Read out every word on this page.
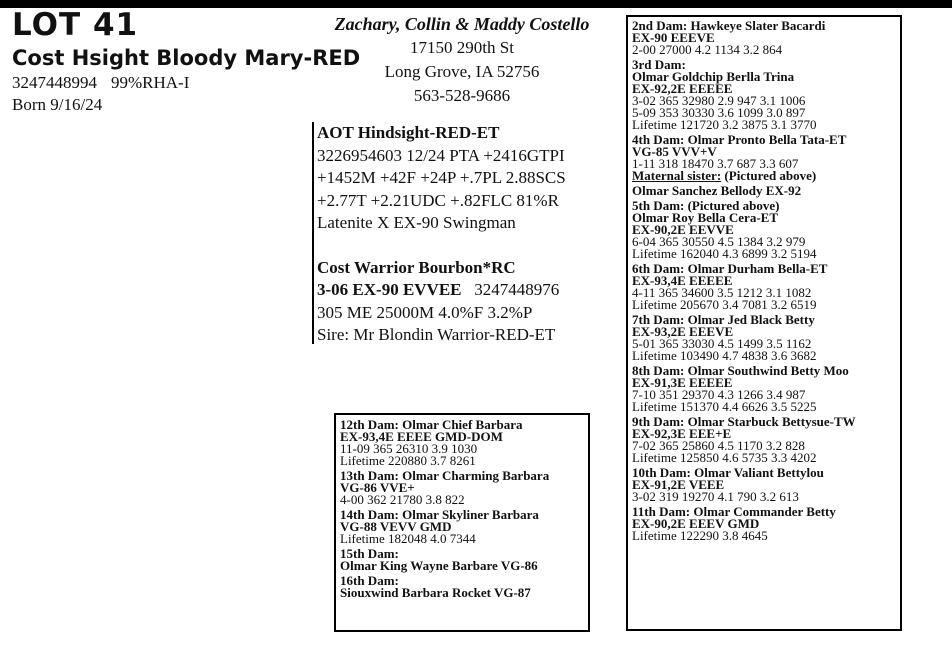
LOT 41
Cost Hsight Bloody Mary-RED
3247448994 99%RHA-I
Born 9/16/24
Zachary, Collin & Maddy Costello
17150 290th St
Long Grove, IA 52756
563-528-9686
AOT Hindsight-RED-ET
3226954603 12/24 PTA +2416GTPI
+1452M +42F +24P +.7PL 2.88SCS
+2.77T +2.21UDC +.82FLC 81%R
Latenite X EX-90 Swingman
Cost Warrior Bourbon*RC
3-06 EX-90 EVVEE 3247448976
305 ME 25000M 4.0%F 3.2%P
Sire: Mr Blondin Warrior-RED-ET
2nd Dam: Hawkeye Slater Bacardi
EX-90 EEEVE
2-00 27000 4.2 1134 3.2 864
3rd Dam:
Olmar Goldchip Berlla Trina
EX-92,2E EEEEE
3-02 365 32980 2.9 947 3.1 1006
5-09 353 30330 3.6 1099 3.0 897
Lifetime 121720 3.2 3875 3.1 3770
4th Dam: Olmar Pronto Bella Tata-ET
VG-85 VVV+V
1-11 318 18470 3.7 687 3.3 607
Maternal sister: (Pictured above)
Olmar Sanchez Bellody EX-92
5th Dam: (Pictured above)
Olmar Roy Bella Cera-ET
EX-90,2E EEVVE
6-04 365 30550 4.5 1384 3.2 979
Lifetime 162040 4.3 6899 3.2 5194
6th Dam: Olmar Durham Bella-ET
EX-93,4E EEEEE
4-11 365 34600 3.5 1212 3.1 1082
Lifetime 205670 3.4 7081 3.2 6519
7th Dam: Olmar Jed Black Betty
EX-93,2E EEEVE
5-01 365 33030 4.5 1499 3.5 1162
Lifetime 103490 4.7 4838 3.6 3682
8th Dam: Olmar Southwind Betty Moo
EX-91,3E EEEEE
7-10 351 29370 4.3 1266 3.4 987
Lifetime 151370 4.4 6626 3.5 5225
9th Dam: Olmar Starbuck Bettysue-TW
EX-92,3E EEE+E
7-02 365 25860 4.5 1170 3.2 828
Lifetime 125850 4.6 5735 3.3 4202
10th Dam: Olmar Valiant Bettylou
EX-91,2E VEEE
3-02 319 19270 4.1 790 3.2 613
11th Dam: Olmar Commander Betty
EX-90,2E EEEV GMD
Lifetime 122290 3.8 4645
12th Dam: Olmar Chief Barbara
EX-93,4E EEEE GMD-DOM
11-09 365 26310 3.9 1030
Lifetime 220880 3.7 8261
13th Dam: Olmar Charming Barbara
VG-86 VVE+
4-00 362 21780 3.8 822
14th Dam: Olmar Skyliner Barbara
VG-88 VEVV GMD
Lifetime 182048 4.0 7344
15th Dam:
Olmar King Wayne Barbare VG-86
16th Dam:
Siouxwind Barbara Rocket VG-87
